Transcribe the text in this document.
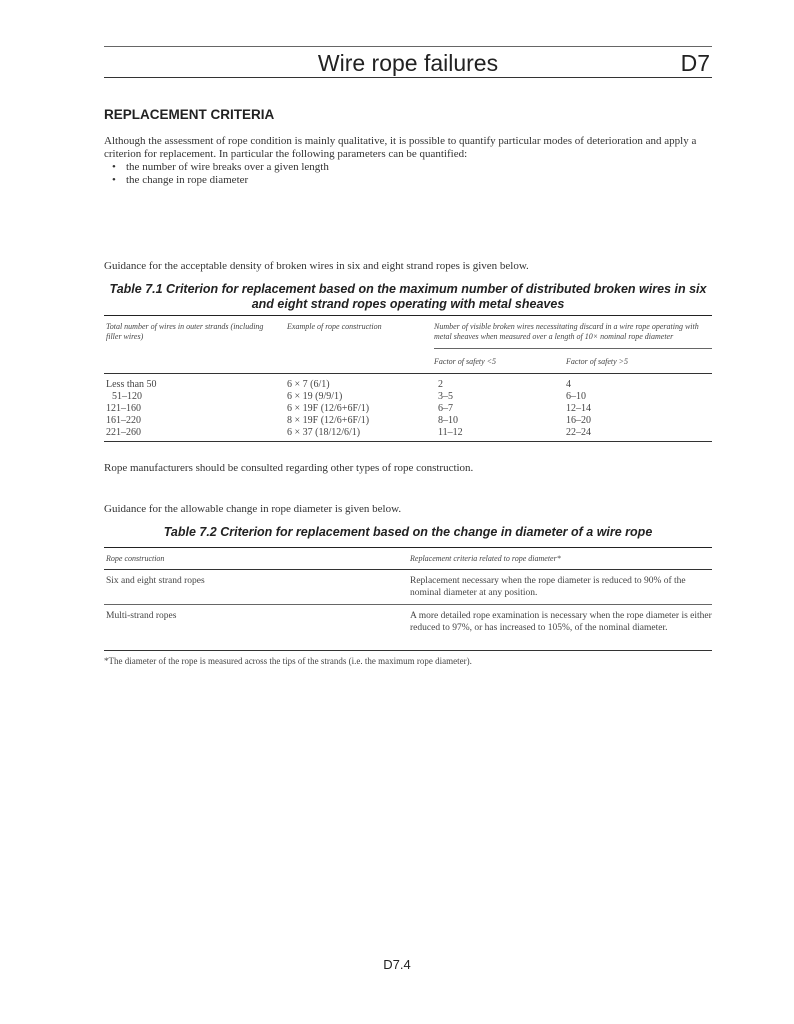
Wire rope failures	D7
REPLACEMENT CRITERIA
Although the assessment of rope condition is mainly qualitative, it is possible to quantify particular modes of deterioration and apply a criterion for replacement. In particular the following parameters can be quantified:
• the number of wire breaks over a given length
• the change in rope diameter
Guidance for the acceptable density of broken wires in six and eight strand ropes is given below.
Table 7.1 Criterion for replacement based on the maximum number of distributed broken wires in six and eight strand ropes operating with metal sheaves
Total number of wires in outer strands (including filler wires)
Example of rope construction	Number of visible broken wires necessitating discard in a wire rope operating with metal sheaves when measured over a length of 10× nominal rope diameter
Factor of safety <5	Factor of safety >5
Less than 50	6 × 7 (6/1)	2	4
51–120	6 × 19 (9/9/1)	3–5	6–10
121–160	6 × 19F (12/6+6F/1)	6–7	12–14
161–220	8 × 19F (12/6+6F/1)	8–10	16–20
221–260	6 × 37 (18/12/6/1)	11–12	22–24
Rope manufacturers should be consulted regarding other types of rope construction.
Guidance for the allowable change in rope diameter is given below.
Table 7.2 Criterion for replacement based on the change in diameter of a wire rope
Rope construction	Replacement criteria related to rope diameter*
Six and eight strand ropes	Replacement necessary when the rope diameter is reduced to 90% of the nominal diameter at any position.
Multi-strand ropes	A more detailed rope examination is necessary when the rope diameter is either reduced to 97%, or has increased to 105%, of the nominal diameter.
*The diameter of the rope is measured across the tips of the strands (i.e. the maximum rope diameter).
D7.4
